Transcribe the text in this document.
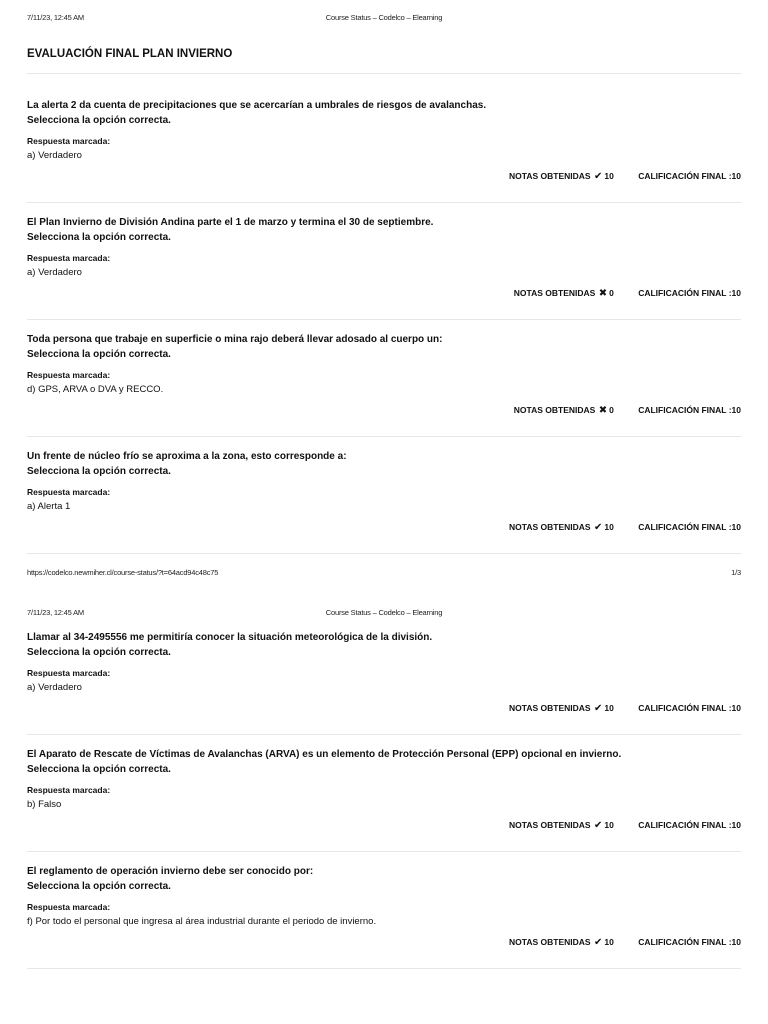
7/11/23, 12:45 AM	Course Status – Codelco – Elearning
EVALUACIÓN FINAL PLAN INVIERNO
La alerta 2 da cuenta de precipitaciones que se acercarían a umbrales de riesgos de avalanchas.
Selecciona la opción correcta.
Respuesta marcada:
a) Verdadero
NOTAS OBTENIDAS ✔ 10	CALIFICACIÓN FINAL :10
El Plan Invierno de División Andina parte el 1 de marzo y termina el 30 de septiembre.
Selecciona la opción correcta.
Respuesta marcada:
a) Verdadero
NOTAS OBTENIDAS ✖ 0	CALIFICACIÓN FINAL :10
Toda persona que trabaje en superficie o mina rajo deberá llevar adosado al cuerpo un:
Selecciona la opción correcta.
Respuesta marcada:
d) GPS, ARVA o DVA y RECCO.
NOTAS OBTENIDAS ✖ 0	CALIFICACIÓN FINAL :10
Un frente de núcleo frío se aproxima a la zona, esto corresponde a:
Selecciona la opción correcta.
Respuesta marcada:
a) Alerta 1
NOTAS OBTENIDAS ✔ 10	CALIFICACIÓN FINAL :10
https://codelco.newmiher.cl/course-status/?t=64acd94c48c75	1/3
7/11/23, 12:45 AM	Course Status – Codelco – Elearning
Llamar al 34-2495556 me permitiría conocer la situación meteorológica de la división.
Selecciona la opción correcta.
Respuesta marcada:
a) Verdadero
NOTAS OBTENIDAS ✔ 10	CALIFICACIÓN FINAL :10
El Aparato de Rescate de Víctimas de Avalanchas (ARVA) es un elemento de Protección Personal (EPP) opcional en invierno.
Selecciona la opción correcta.
Respuesta marcada:
b) Falso
NOTAS OBTENIDAS ✔ 10	CALIFICACIÓN FINAL :10
El reglamento de operación invierno debe ser conocido por:
Selecciona la opción correcta.
Respuesta marcada:
f) Por todo el personal que ingresa al área industrial durante el periodo de invierno.
NOTAS OBTENIDAS ✔ 10	CALIFICACIÓN FINAL :10
